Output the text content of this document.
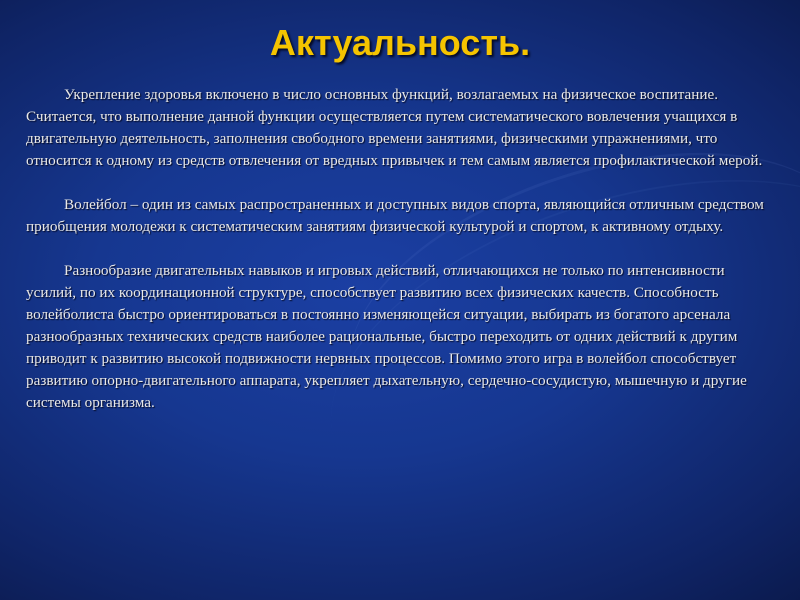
Актуальность.

Укрепление здоровья включено в число основных функций, возлагаемых на физическое воспитание. Считается, что выполнение данной функции осуществляется путем систематического вовлечения учащихся в двигательную деятельность, заполнения свободного времени занятиями, физическими упражнениями, что относится к одному из средств отвлечения от вредных привычек и тем самым является профилактической мерой.

Волейбол – один из самых распространенных и доступных видов спорта, являющийся отличным средством приобщения молодежи к систематическим занятиям физической культурой и спортом, к активному отдыху.

Разнообразие двигательных навыков и игровых действий, отличающихся не только по интенсивности усилий, по их координационной структуре, способствует развитию всех физических качеств. Способность волейболиста быстро ориентироваться в постоянно изменяющейся ситуации, выбирать из богатого арсенала разнообразных технических средств наиболее рациональные, быстро переходить от одних действий к другим приводит к развитию высокой подвижности нервных процессов. Помимо этого игра в волейбол способствует развитию опорно-двигательного аппарата, укрепляет дыхательную, сердечно-сосудистую, мышечную и другие системы организма.
